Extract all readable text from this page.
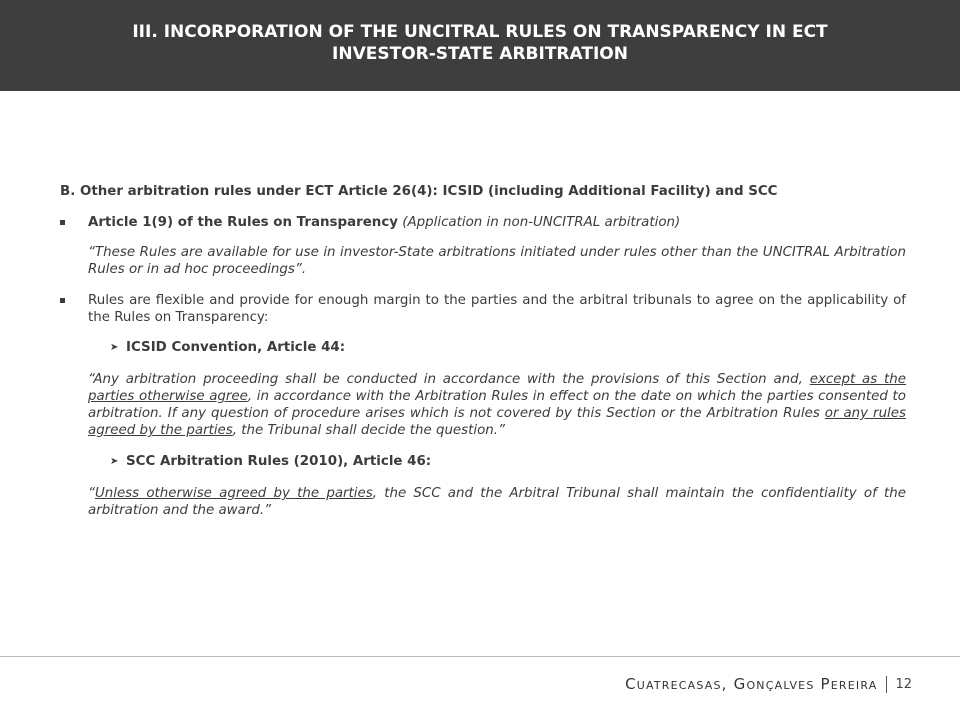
III. INCORPORATION OF THE UNCITRAL RULES ON TRANSPARENCY IN ECT
INVESTOR-STATE ARBITRATION

B. Other arbitration rules under ECT Article 26(4): ICSID (including Additional Facility) and SCC

Article 1(9) of the Rules on Transparency (Application in non-UNCITRAL arbitration)

“These Rules are available for use in investor-State arbitrations initiated under rules other than the UNCITRAL Arbitration Rules or in ad hoc proceedings”.

Rules are flexible and provide for enough margin to the parties and the arbitral tribunals to agree on the applicability of the Rules on Transparency:
➤ ICSID Convention, Article 44:

“Any arbitration proceeding shall be conducted in accordance with the provisions of this Section and, except as the parties otherwise agree, in accordance with the Arbitration Rules in effect on the date on which the parties consented to arbitration. If any question of procedure arises which is not covered by this Section or the Arbitration Rules or any rules agreed by the parties, the Tribunal shall decide the question.”

➤ SCC Arbitration Rules (2010), Article 46:

“Unless otherwise agreed by the parties, the SCC and the Arbitral Tribunal shall maintain the confidentiality of the arbitration and the award.”

Cuatrecasas, Gonçalves Pereira 12
